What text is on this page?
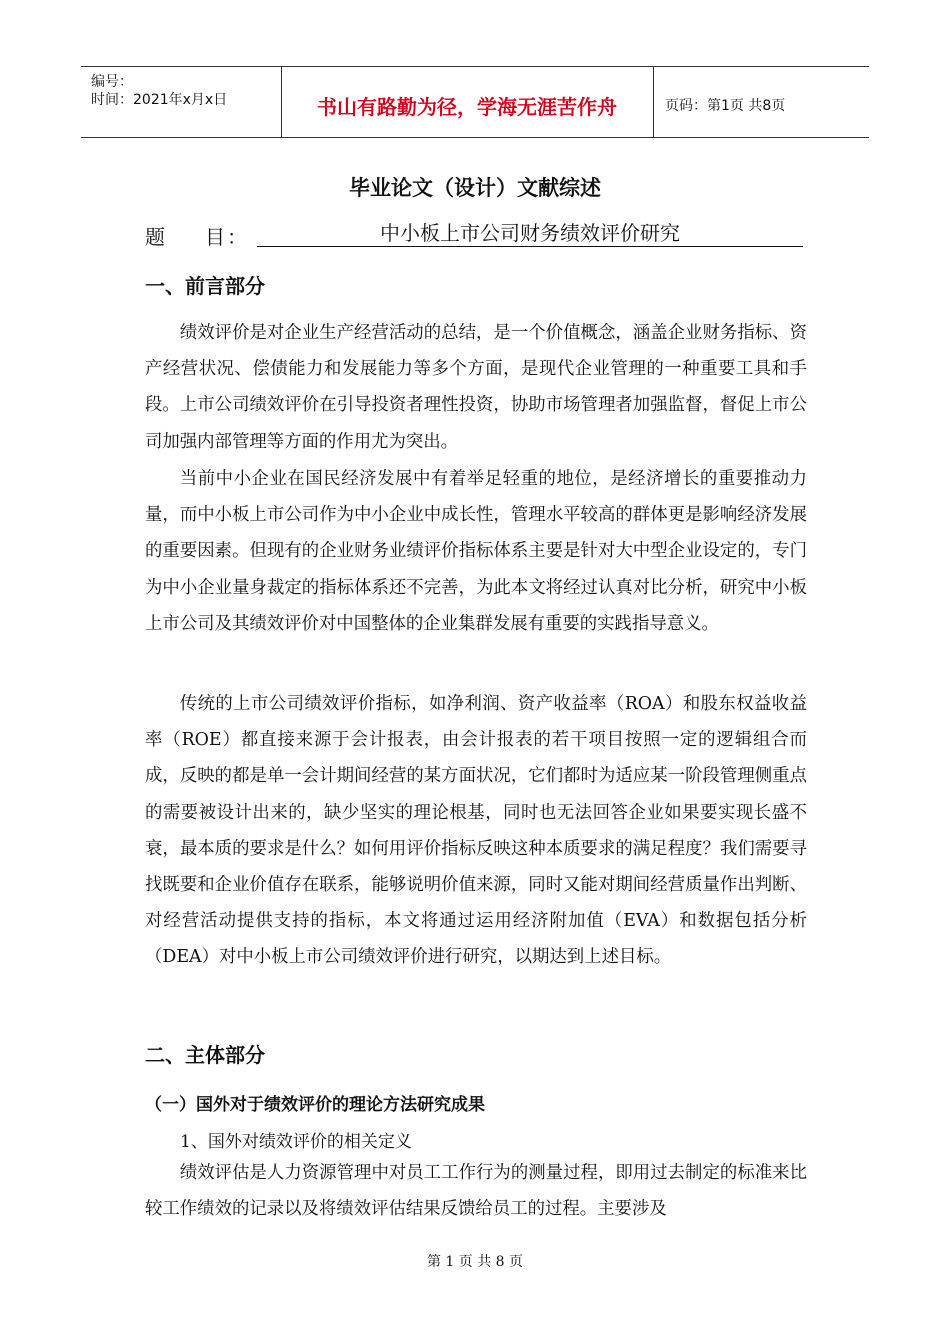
编号：
时间：2021年x月x日	书山有路勤为径，学海无涯苦作舟	页码：第1页 共8页
毕业论文（设计）文献综述
题 目：	中小板上市公司财务绩效评价研究
一、前言部分

绩效评价是对企业生产经营活动的总结，是一个价值概念，涵盖企业财务指标、资产经营状况、偿债能力和发展能力等多个方面，是现代企业管理的一种重要工具和手段。上市公司绩效评价在引导投资者理性投资，协助市场管理者加强监督，督促上市公司加强内部管理等方面的作用尤为突出。

当前中小企业在国民经济发展中有着举足轻重的地位，是经济增长的重要推动力量，而中小板上市公司作为中小企业中成长性，管理水平较高的群体更是影响经济发展的重要因素。但现有的企业财务业绩评价指标体系主要是针对大中型企业设定的，专门为中小企业量身裁定的指标体系还不完善，为此本文将经过认真对比分析，研究中小板上市公司及其绩效评价对中国整体的企业集群发展有重要的实践指导意义。

传统的上市公司绩效评价指标，如净利润、资产收益率（ROA）和股东权益收益率（ROE）都直接来源于会计报表，由会计报表的若干项目按照一定的逻辑组合而成，反映的都是单一会计期间经营的某方面状况，它们都时为适应某一阶段管理侧重点的需要被设计出来的，缺少坚实的理论根基，同时也无法回答企业如果要实现长盛不衰，最本质的要求是什么？如何用评价指标反映这种本质要求的满足程度？我们需要寻找既要和企业价值存在联系，能够说明价值来源，同时又能对期间经营质量作出判断、对经营活动提供支持的指标，本文将通过运用经济附加值（EVA）和数据包括分析（DEA）对中小板上市公司绩效评价进行研究，以期达到上述目标。

二、主体部分
（一）国外对于绩效评价的理论方法研究成果
1、国外对绩效评价的相关定义

绩效评估是人力资源管理中对员工工作行为的测量过程，即用过去制定的标准来比较工作绩效的记录以及将绩效评估结果反馈给员工的过程。主要涉及

第 1 页 共 8 页
